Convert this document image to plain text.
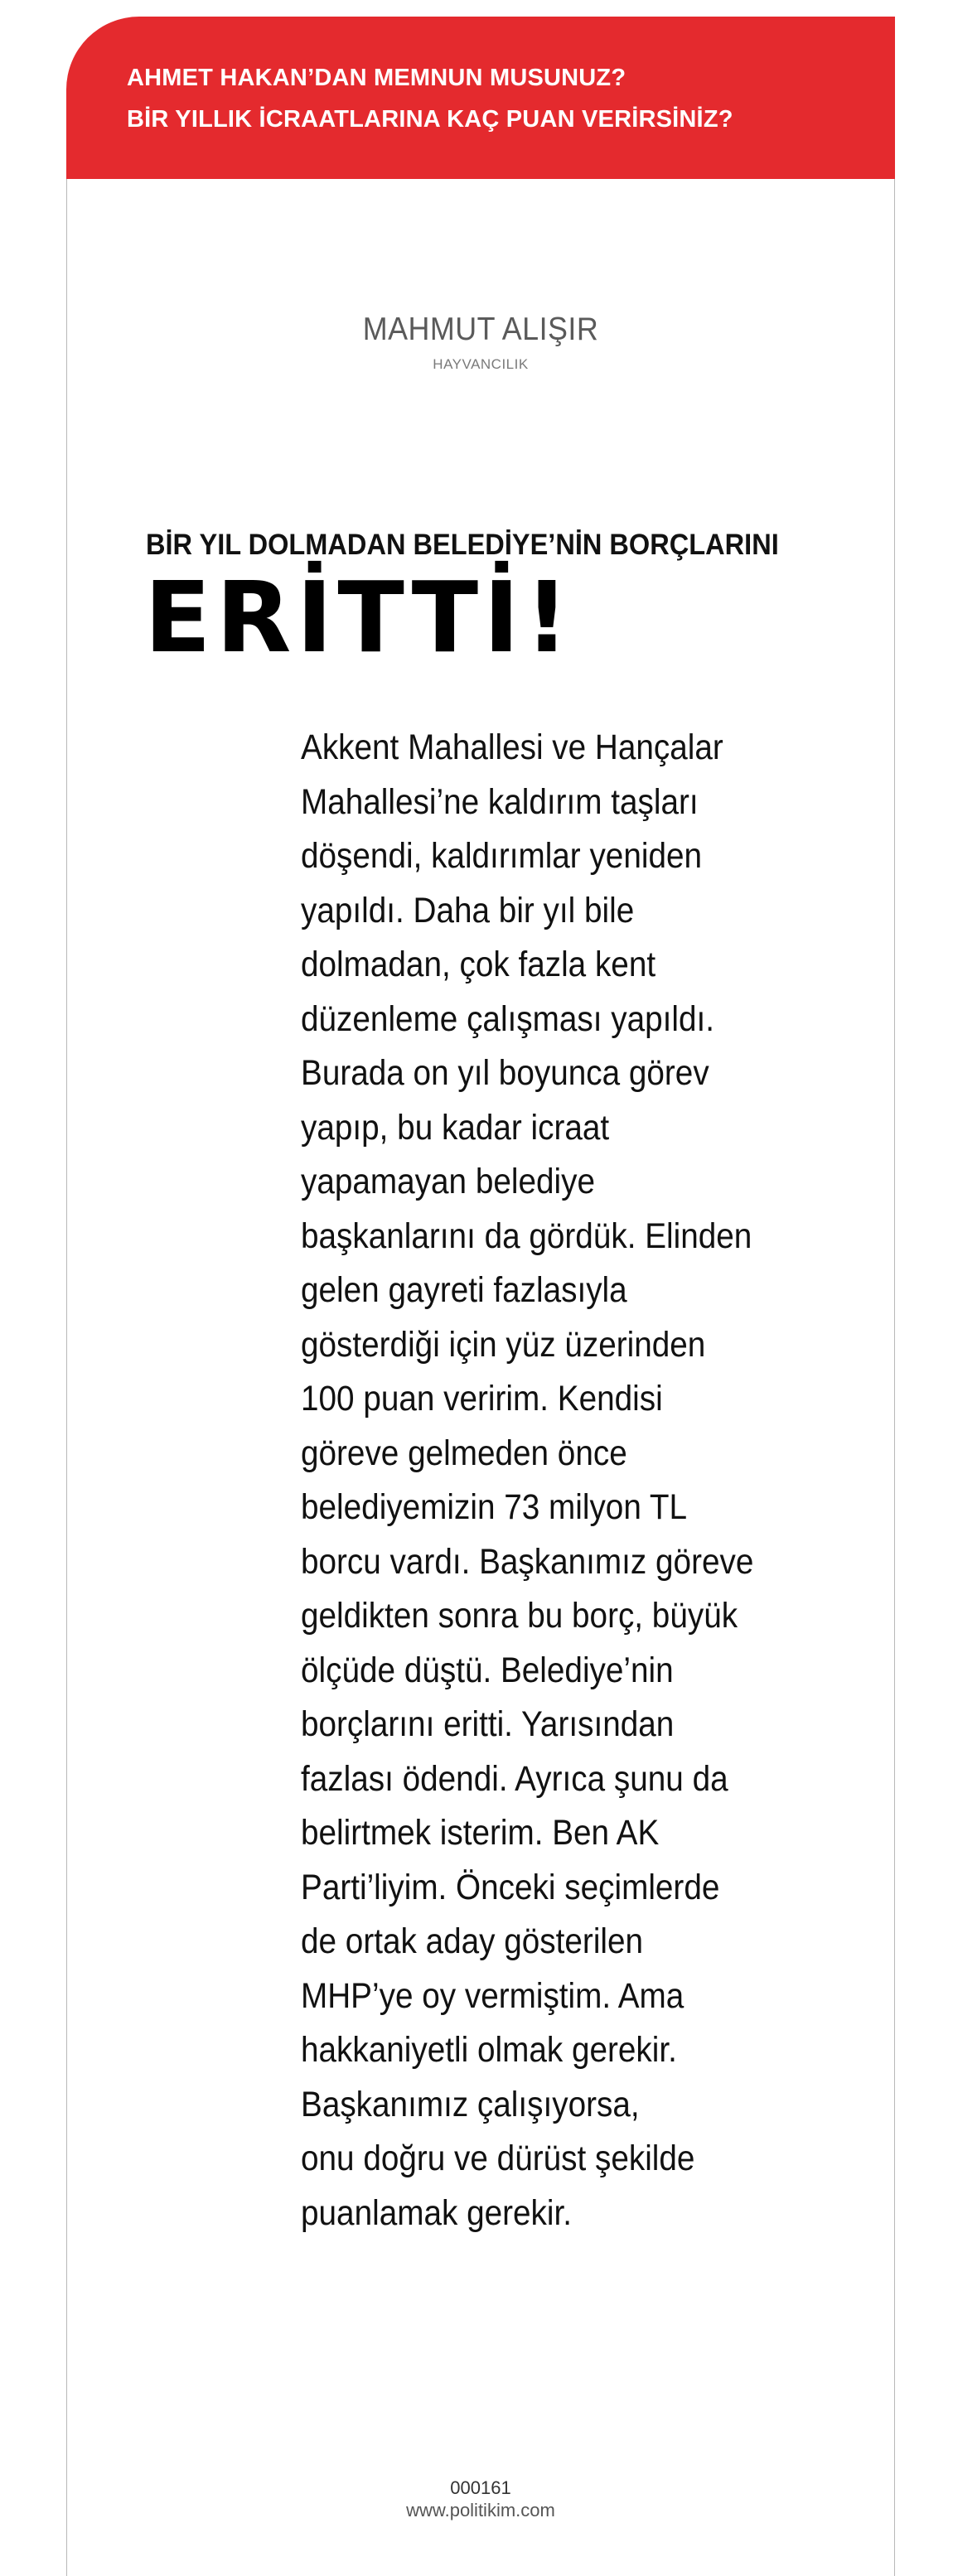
AHMET HAKAN’DAN MEMNUN MUSUNUZ?
BİR YILLIK İCRAATLARINA KAÇ PUAN VERİRSİNİZ?
MAHMUT ALIŞIR
HAYVANCILIK
BİR YIL DOLMADAN BELEDİYE’NİN BORÇLARINI
ERİTTİ!
Akkent Mahallesi ve Hançalar
Mahallesi’ne kaldırım taşları
döşendi, kaldırımlar yeniden
yapıldı. Daha bir yıl bile
dolmadan, çok fazla kent
düzenleme çalışması yapıldı.
Burada on yıl boyunca görev
yapıp, bu kadar icraat
yapamayan belediye
başkanlarını da gördük. Elinden
gelen gayreti fazlasıyla
gösterdiği için yüz üzerinden
100 puan veririm. Kendisi
göreve gelmeden önce
belediyemizin 73 milyon TL
borcu vardı. Başkanımız göreve
geldikten sonra bu borç, büyük
ölçüde düştü. Belediye’nin
borçlarını eritti. Yarısından
fazlası ödendi. Ayrıca şunu da
belirtmek isterim. Ben AK
Parti’liyim. Önceki seçimlerde
de ortak aday gösterilen
MHP’ye oy vermiştim. Ama
hakkaniyetli olmak gerekir.
Başkanımız çalışıyorsa,
onu doğru ve dürüst şekilde
puanlamak gerekir.
000161
www.politikim.com
